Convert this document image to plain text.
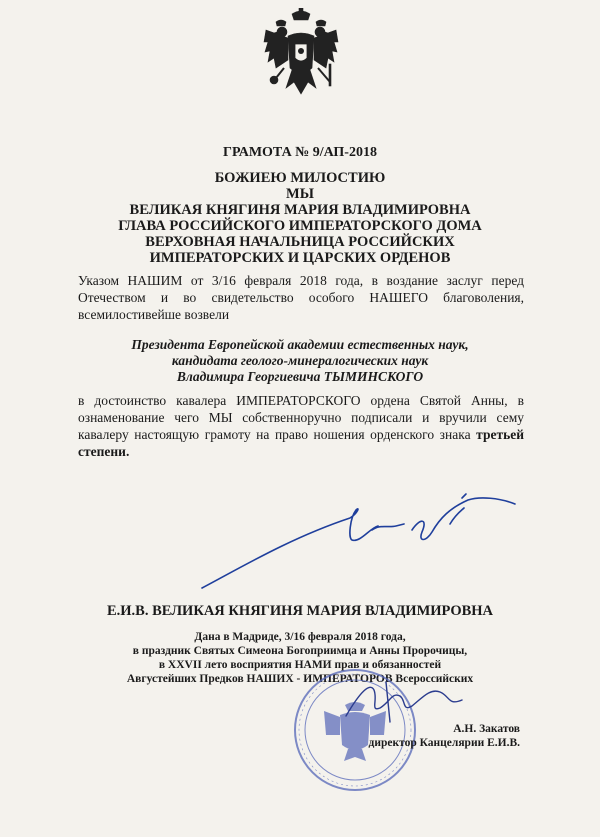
ГРАМОТА № 9/АП-2018
БОЖИЕЮ МИЛОСТИЮ
МЫ
ВЕЛИКАЯ КНЯГИНЯ МАРИЯ ВЛАДИМИРОВНА
ГЛАВА РОССИЙСКОГО ИМПЕРАТОРСКОГО ДОМА
ВЕРХОВНАЯ НАЧАЛЬНИЦА РОССИЙСКИХ
ИМПЕРАТОРСКИХ И ЦАРСКИХ ОРДЕНОВ
Указом НАШИМ от 3/16 февраля 2018 года, в воздание заслуг перед Отечеством и во свидетельство особого НАШЕГО благоволения, всемилостивейше возвели
Президента Европейской академии естественных наук,
кандидата геолого-минералогических наук
Владимира Георгиевича ТЫМИНСКОГО
в достоинство кавалера ИМПЕРАТОРСКОГО ордена Святой Анны, в ознаменование чего МЫ собственноручно подписали и вручили сему кавалеру настоящую грамоту на право ношения орденского знака третьей степени.
Е.И.В. ВЕЛИКАЯ КНЯГИНЯ МАРИЯ ВЛАДИМИРОВНА
Дана в Мадриде, 3/16 февраля 2018 года,
в праздник Святых Симеона Богоприимца и Анны Пророчицы,
в XXVII лето восприятия НАМИ прав и обязанностей
Августейших Предков НАШИХ - ИМПЕРАТОРОВ Всероссийских
А.Н. Закатов
директор Канцелярии Е.И.В.
